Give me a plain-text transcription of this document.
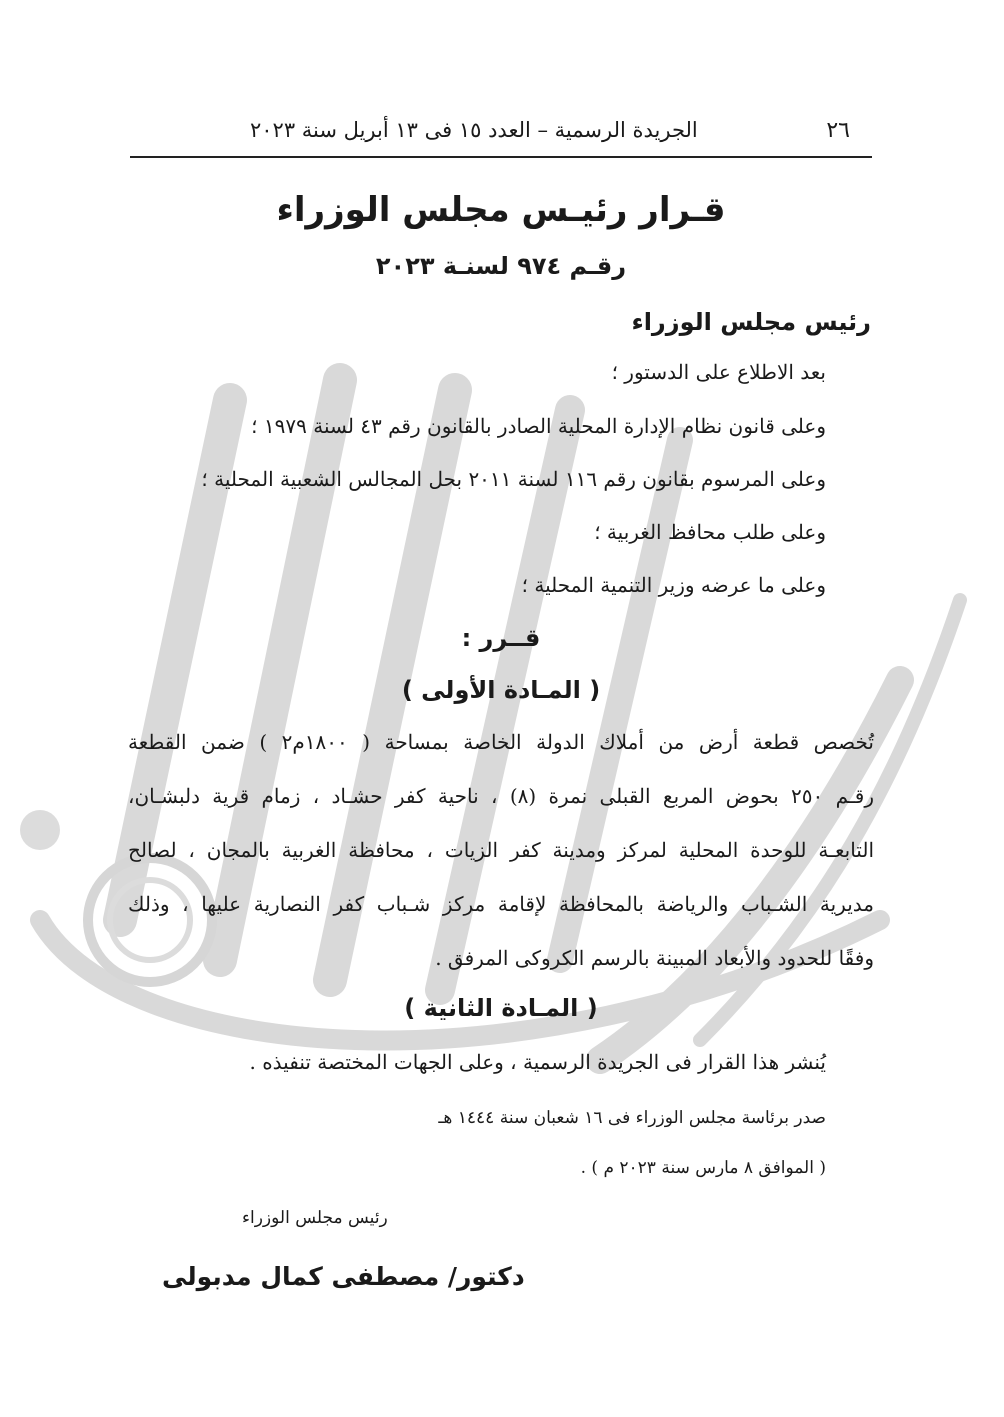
٢٦
الجريدة الرسمية – العدد ١٥ فى ١٣ أبريل سنة ٢٠٢٣
قـرار رئيـس مجلس الوزراء
رقـم ٩٧٤ لسنـة ٢٠٢٣
رئيس مجلس الوزراء
بعد الاطلاع على الدستور ؛
وعلى قانون نظام الإدارة المحلية الصادر بالقانون رقم ٤٣ لسنة ١٩٧٩ ؛
وعلى المرسوم بقانون رقم ١١٦ لسنة ٢٠١١ بحل المجالس الشعبية المحلية ؛
وعلى طلب محافظ الغربية ؛
وعلى ما عرضه وزير التنمية المحلية ؛
قــرر :
( المـادة الأولى )
تُخصص قطعة أرض من أملاك الدولة الخاصة بمساحة ( ١٨٠٠م٢ ) ضمن القطعة
رقـم ٢٥٠ بحوض المربع القبلى نمرة (٨) ، ناحية كفر حشـاد ، زمام قرية دلبشـان،
التابعـة للوحدة المحلية لمركز ومدينة كفر الزيات ، محافظة الغربية بالمجان ، لصالح
مديرية الشـباب والرياضة بالمحافظة لإقامة مركز شـباب كفر النصارية عليها ، وذلك
وفقًا للحدود والأبعاد المبينة بالرسم الكروكى المرفق .
( المـادة الثانية )
يُنشر هذا القرار فى الجريدة الرسمية ، وعلى الجهات المختصة تنفيذه .
صدر برئاسة مجلس الوزراء فى ١٦ شعبان سنة ١٤٤٤ هـ
( الموافق ٨ مارس سنة ٢٠٢٣ م ) .
رئيس مجلس الوزراء
دكتور/ مصطفى كمال مدبولى
